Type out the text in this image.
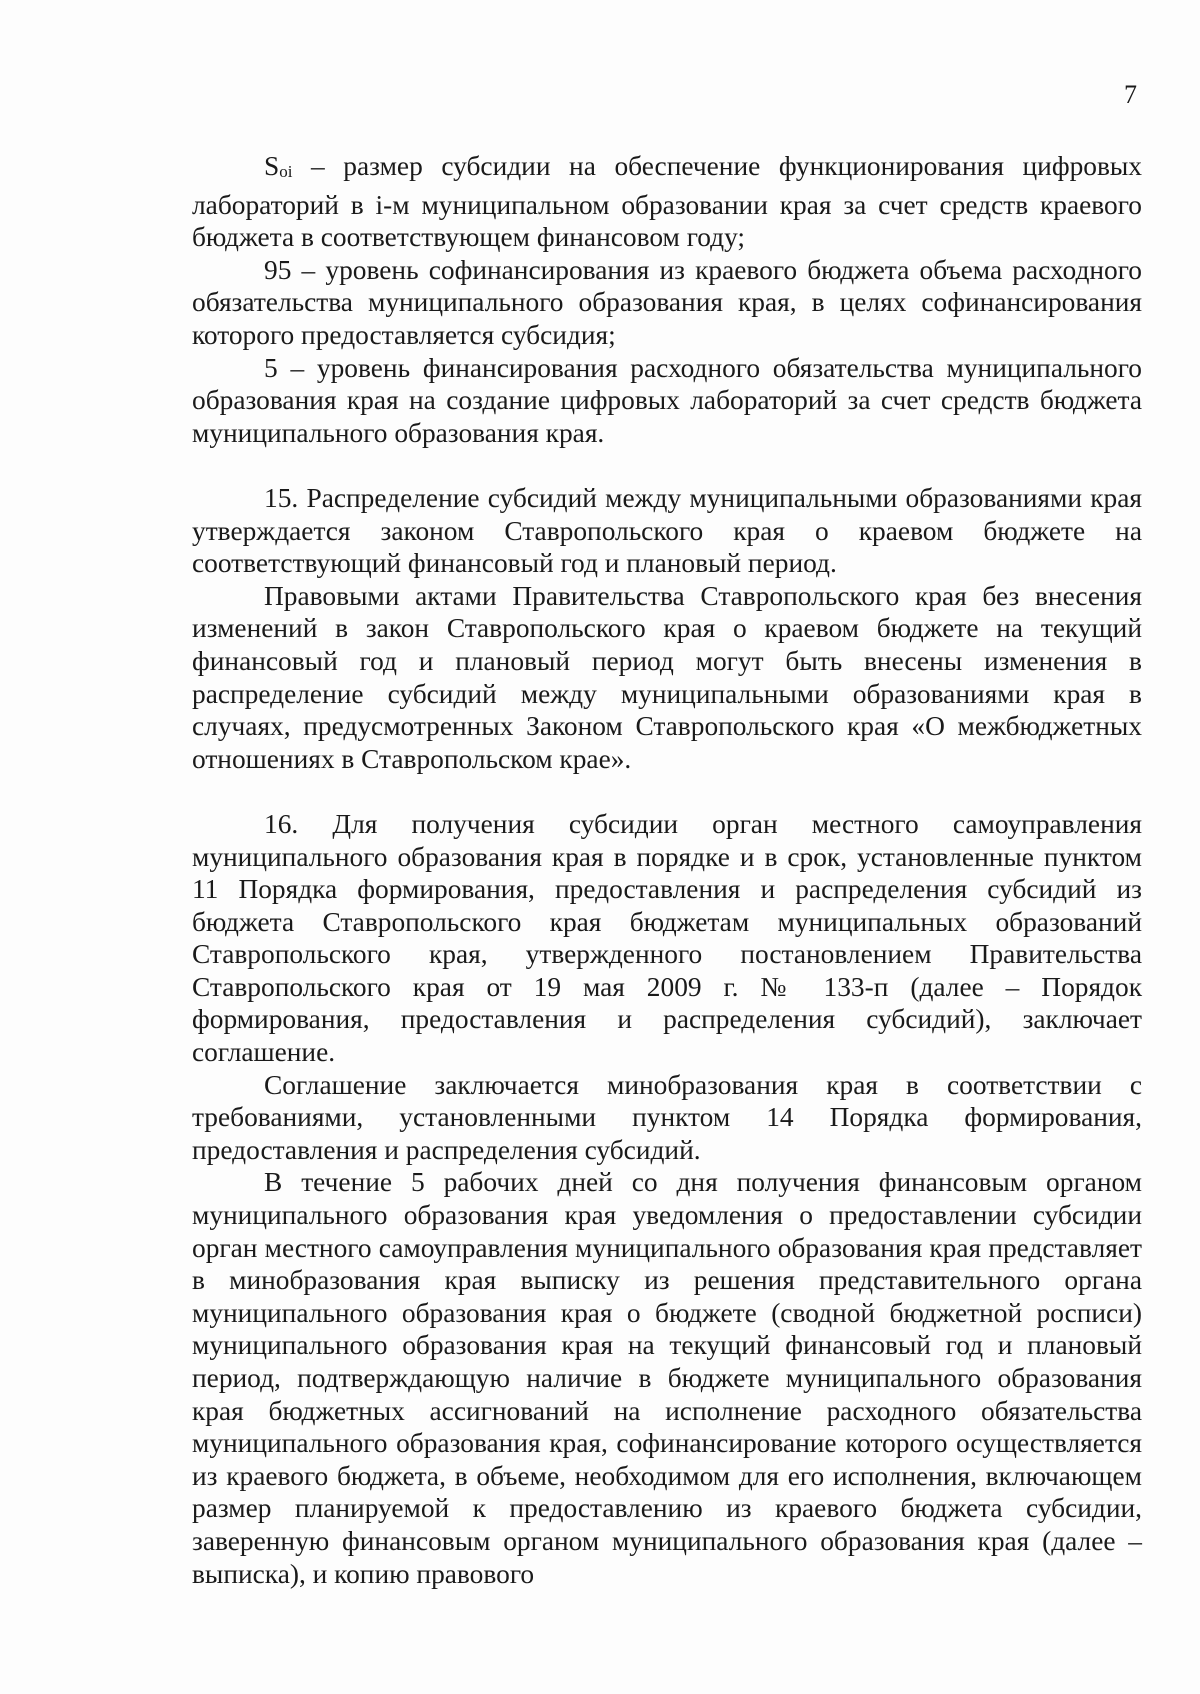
7

Soi – размер субсидии на обеспечение функционирования цифровых лабораторий в i-м муниципальном образовании края за счет средств краевого бюджета в соответствующем финансовом году;

95 – уровень софинансирования из краевого бюджета объема расходного обязательства муниципального образования края, в целях софинансирования которого предоставляется субсидия;

5 – уровень финансирования расходного обязательства муниципального образования края на создание цифровых лабораторий за счет средств бюджета муниципального образования края.

15. Распределение субсидий между муниципальными образованиями края утверждается законом Ставропольского края о краевом бюджете на соответствующий финансовый год и плановый период.

Правовыми актами Правительства Ставропольского края без внесения изменений в закон Ставропольского края о краевом бюджете на текущий финансовый год и плановый период могут быть внесены изменения в распределение субсидий между муниципальными образованиями края в случаях, предусмотренных Законом Ставропольского края «О межбюджетных отношениях в Ставропольском крае».

16. Для получения субсидии орган местного самоуправления муниципального образования края в порядке и в срок, установленные пунктом 11 Порядка формирования, предоставления и распределения субсидий из бюджета Ставропольского края бюджетам муниципальных образований Ставропольского края, утвержденного постановлением Правительства Ставропольского края от 19 мая 2009 г. № 133-п (далее – Порядок формирования, предоставления и распределения субсидий), заключает соглашение.

Соглашение заключается минобразования края в соответствии с требованиями, установленными пунктом 14 Порядка формирования, предоставления и распределения субсидий.

В течение 5 рабочих дней со дня получения финансовым органом муниципального образования края уведомления о предоставлении субсидии орган местного самоуправления муниципального образования края представляет в минобразования края выписку из решения представительного органа муниципального образования края о бюджете (сводной бюджетной росписи) муниципального образования края на текущий финансовый год и плановый период, подтверждающую наличие в бюджете муниципального образования края бюджетных ассигнований на исполнение расходного обязательства муниципального образования края, софинансирование которого осуществляется из краевого бюджета, в объеме, необходимом для его исполнения, включающем размер планируемой к предоставлению из краевого бюджета субсидии, заверенную финансовым органом муниципального образования края (далее – выписка), и копию правового
